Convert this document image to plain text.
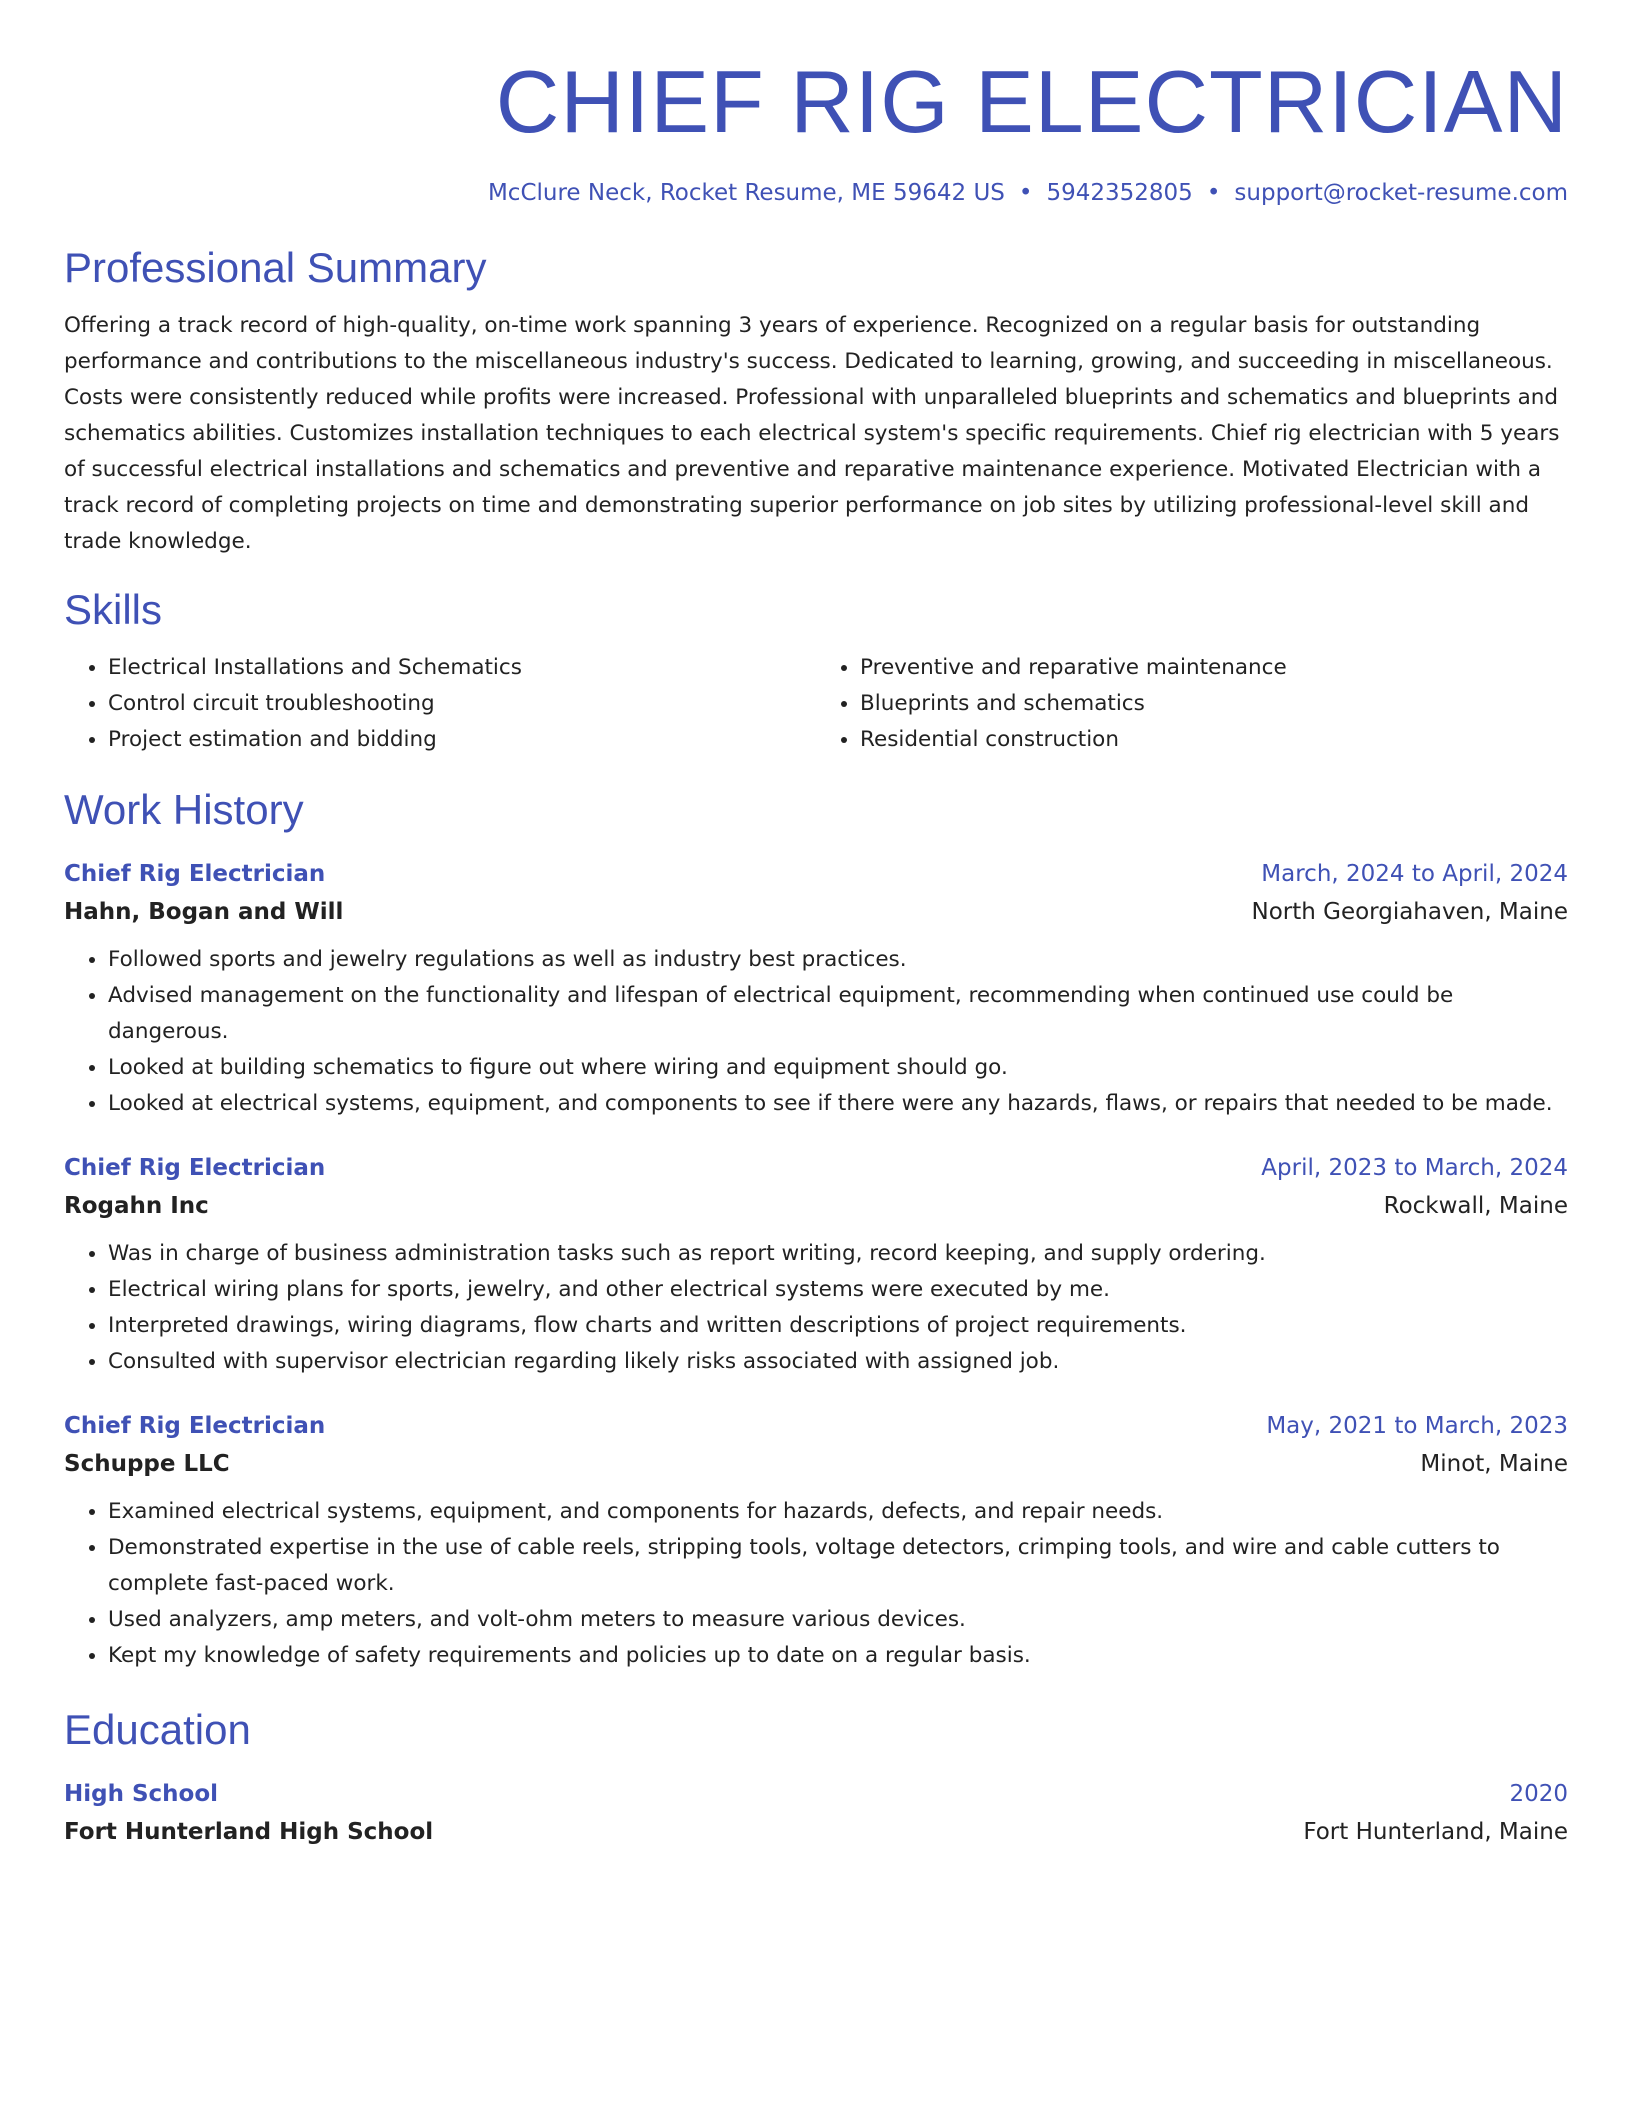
CHIEF RIG ELECTRICIAN
McClure Neck, Rocket Resume, ME 59642 US • 5942352805 • support@rocket-resume.com
Professional Summary

Offering a track record of high-quality, on-time work spanning 3 years of experience. Recognized on a regular basis for outstanding performance and contributions to the miscellaneous industry's success. Dedicated to learning, growing, and succeeding in miscellaneous. Costs were consistently reduced while profits were increased. Professional with unparalleled blueprints and schematics and blueprints and schematics abilities. Customizes installation techniques to each electrical system's specific requirements. Chief rig electrician with 5 years of successful electrical installations and schematics and preventive and reparative maintenance experience. Motivated Electrician with a track record of completing projects on time and demonstrating superior performance on job sites by utilizing professional-level skill and trade knowledge.

Skills
• Electrical Installations and Schematics
• Control circuit troubleshooting
• Project estimation and bidding
• Preventive and reparative maintenance
• Blueprints and schematics
• Residential construction
Work History
Chief Rig Electrician	March, 2024 to April, 2024
Hahn, Bogan and Will	North Georgiahaven, Maine
• Followed sports and jewelry regulations as well as industry best practices.
• Advised management on the functionality and lifespan of electrical equipment, recommending when continued use could be dangerous.
• Looked at building schematics to figure out where wiring and equipment should go.
• Looked at electrical systems, equipment, and components to see if there were any hazards, flaws, or repairs that needed to be made.
Chief Rig Electrician	April, 2023 to March, 2024
Rogahn Inc	Rockwall, Maine
• Was in charge of business administration tasks such as report writing, record keeping, and supply ordering.
• Electrical wiring plans for sports, jewelry, and other electrical systems were executed by me.
• Interpreted drawings, wiring diagrams, flow charts and written descriptions of project requirements.
• Consulted with supervisor electrician regarding likely risks associated with assigned job.
Chief Rig Electrician	May, 2021 to March, 2023
Schuppe LLC	Minot, Maine
• Examined electrical systems, equipment, and components for hazards, defects, and repair needs.
• Demonstrated expertise in the use of cable reels, stripping tools, voltage detectors, crimping tools, and wire and cable cutters to complete fast-paced work.
• Used analyzers, amp meters, and volt-ohm meters to measure various devices.
• Kept my knowledge of safety requirements and policies up to date on a regular basis.
Education
High School	2020
Fort Hunterland High School	Fort Hunterland, Maine
